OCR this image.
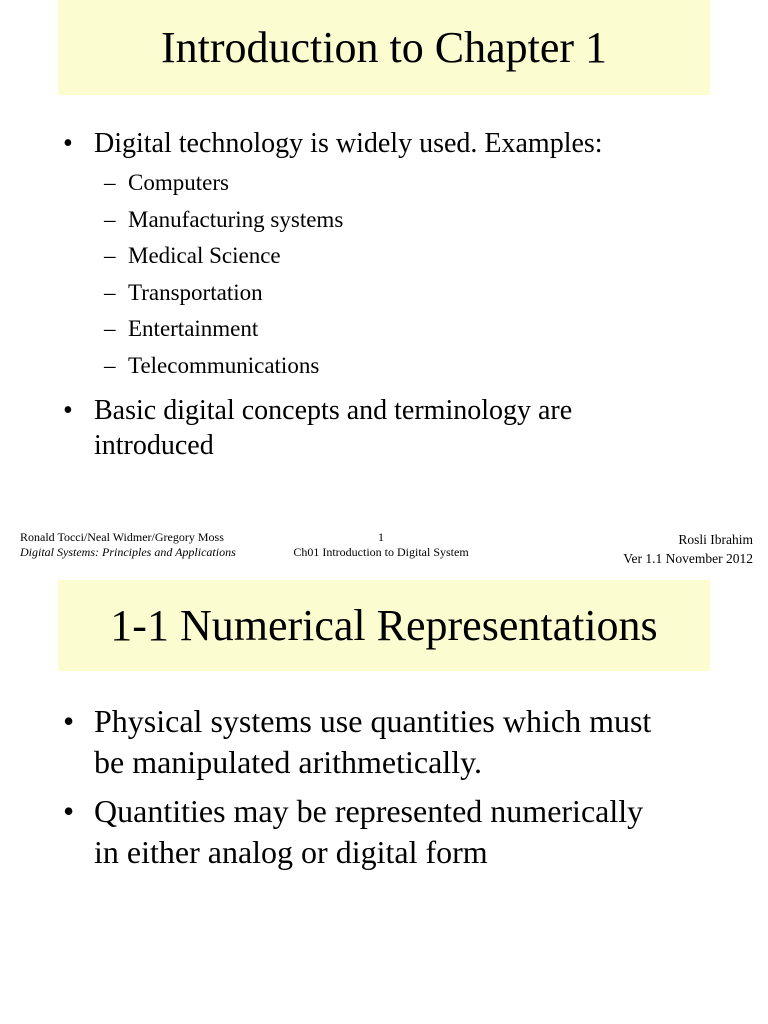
Introduction to Chapter 1
• Digital technology is widely used. Examples:
– Computers
– Manufacturing systems
– Medical Science
– Transportation
– Entertainment
– Telecommunications
• Basic digital concepts and terminology are
introduced
Ronald Tocci/Neal Widmer/Gregory Moss
Digital Systems: Principles and Applications
1
Ch01 Introduction to Digital System
Rosli Ibrahim
Ver 1.1 November 2012
1-1 Numerical Representations
• Physical systems use quantities which must
be manipulated arithmetically.
• Quantities may be represented numerically
in either analog or digital form
